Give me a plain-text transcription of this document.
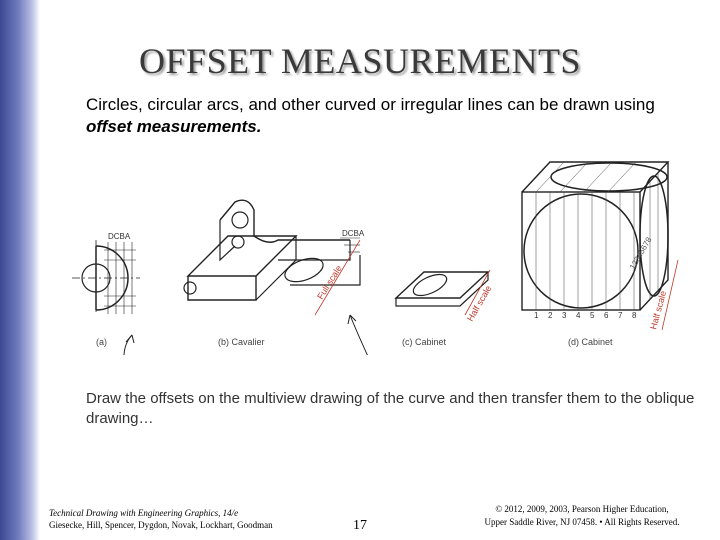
OFFSET MEASUREMENTS
Circles, circular arcs, and other curved or irregular lines can be drawn using offset measurements.
DCBA	DCBA
Full scale
Half scale	Half scale
12345678
1 2 3 4 5 6 7 8
(a)	(b) Cavalier	(c) Cabinet	(d) Cabinet
Draw the offsets on the multiview drawing of the curve and then transfer them to the oblique drawing…
Technical Drawing with Engineering Graphics, 14/e
Giesecke, Hill, Spencer, Dygdon, Novak, Lockhart, Goodman	17
© 2012, 2009, 2003, Pearson Higher Education,
Upper Saddle River, NJ 07458. • All Rights Reserved.
